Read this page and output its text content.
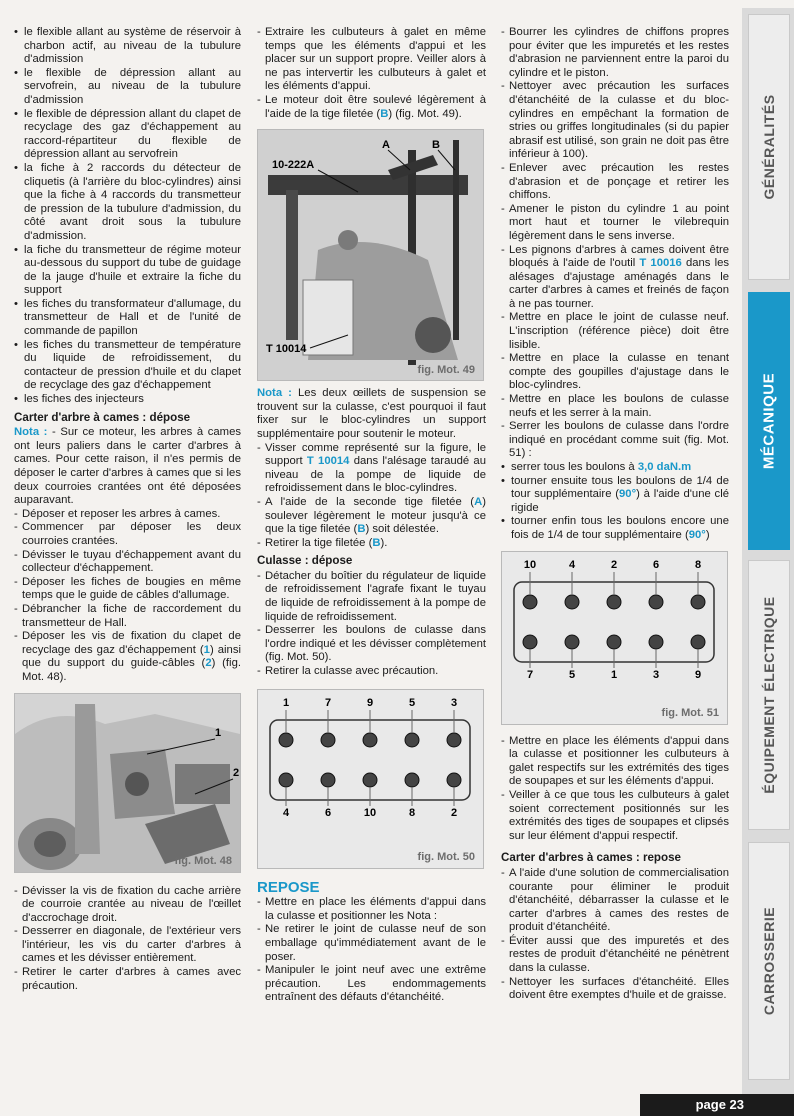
• le flexible allant au système de réservoir à charbon actif, au niveau de la tubulure d'admission
• le flexible de dépression allant au servofrein, au niveau de la tubulure d'admission
• le flexible de dépression allant du clapet de recyclage des gaz d'échappement au raccord-répartiteur du flexible de dépression allant au servofrein
• la fiche à 2 raccords du détecteur de cliquetis (à l'arrière du bloc-cylindres) ainsi que la fiche à 4 raccords du transmetteur de pression de la tubulure d'admission, du côté avant droit sous la tubulure d'admission.
• la fiche du transmetteur de régime moteur au-dessous du support du tube de guidage de la jauge d'huile et extraire la fiche du support
• les fiches du transformateur d'allumage, du transmetteur de Hall et de l'unité de commande de papillon
• les fiches du transmetteur de température du liquide de refroidissement, du contacteur de pression d'huile et du clapet de recyclage des gaz d'échappement
• les fiches des injecteurs
Carter d'arbre à cames : dépose

Nota : - Sur ce moteur, les arbres à cames ont leurs paliers dans le carter d'arbres à cames. Pour cette raison, il n'es permis de déposer le carter d'arbres à cames que si les deux courroies crantées ont été déposées auparavant.

- Déposer et reposer les arbres à cames.
- Commencer par déposer les deux courroies crantées.
- Dévisser le tuyau d'échappement avant du collecteur d'échappement.
- Déposer les fiches de bougies en même temps que le guide de câbles d'allumage.
- Débrancher la fiche de raccordement du transmetteur de Hall.
- Déposer les vis de fixation du clapet de recyclage des gaz d'échappement (1) ainsi que du support du guide-câbles (2) (fig. Mot. 48).
1
2
fig. Mot. 48
- Dévisser la vis de fixation du cache arrière de courroie crantée au niveau de l'œillet d'accrochage droit.
- Desserrer en diagonale, de l'extérieur vers l'intérieur, les vis du carter d'arbres à cames et les dévisser entièrement.
- Retirer le carter d'arbres à cames avec précaution.
- Extraire les culbuteurs à galet en même temps que les éléments d'appui et les placer sur un support propre. Veiller alors à ne pas intervertir les culbuteurs à galet et les éléments d'appui.
- Le moteur doit être soulevé légèrement à l'aide de la tige filetée (B) (fig. Mot. 49).
10-222A
A	B
T 10014
fig. Mot. 49

Nota : Les deux œillets de suspension se trouvent sur la culasse, c'est pourquoi il faut fixer sur le bloc-cylindres un support supplémentaire pour soutenir le moteur.

- Visser comme représenté sur la figure, le support T 10014 dans l'alésage taraudé au niveau de la pompe de liquide de refroidissement dans le bloc-cylindres.
- A l'aide de la seconde tige filetée (A) soulever légèrement le moteur jusqu'à ce que la tige filetée (B) soit délestée.
- Retirer la tige filetée (B).
Culasse : dépose
- Détacher du boîtier du régulateur de liquide de refroidissement l'agrafe fixant le tuyau de liquide de refroidissement à la pompe de liquide de refroidissement.
- Desserrer les boulons de culasse dans l'ordre indiqué et les dévisser complètement (fig. Mot. 50).
- Retirer la culasse avec précaution.
1	7	9	5	3
4	6	10	8	2
fig. Mot. 50
REPOSE
- Mettre en place les éléments d'appui dans la culasse et positionner les Nota :
- Ne retirer le joint de culasse neuf de son emballage qu'immédiatement avant de le poser.
- Manipuler le joint neuf avec une extrême précaution. Les endommagements entraînent des défauts d'étanchéité.
- Bourrer les cylindres de chiffons propres pour éviter que les impuretés et les restes d'abrasion ne parviennent entre la paroi du cylindre et le piston.
- Nettoyer avec précaution les surfaces d'étanchéité de la culasse et du bloc-cylindres en empêchant la formation de stries ou griffes longitudinales (si du papier abrasif est utilisé, son grain ne doit pas être inférieur à 100).
- Enlever avec précaution les restes d'abrasion et de ponçage et retirer les chiffons.
- Amener le piston du cylindre 1 au point mort haut et tourner le vilebrequin légèrement dans le sens inverse.
- Les pignons d'arbres à cames doivent être bloqués à l'aide de l'outil T 10016 dans les alésages d'ajustage aménagés dans le carter d'arbres à cames et freinés de façon à ne pas tourner.
- Mettre en place le joint de culasse neuf. L'inscription (référence pièce) doit être lisible.
- Mettre en place la culasse en tenant compte des goupilles d'ajustage dans le bloc-cylindres.
- Mettre en place les boulons de culasse neufs et les serrer à la main.
- Serrer les boulons de culasse dans l'ordre indiqué en procédant comme suit (fig. Mot. 51) :
• serrer tous les boulons à 3,0 daN.m
• tourner ensuite tous les boulons de 1/4 de tour supplémentaire (90°) à l'aide d'une clé rigide
• tourner enfin tous les boulons encore une fois de 1/4 de tour supplémentaire (90°)
10	4	2	6	8
7	5	1	3	9
fig. Mot. 51
- Mettre en place les éléments d'appui dans la culasse et positionner les culbuteurs à galet respectifs sur les extrémités des tiges de soupapes et sur les éléments d'appui.
- Veiller à ce que tous les culbuteurs à galet soient correctement positionnés sur les extrémités des tiges de soupapes et clipsés sur leur élément d'appui respectif.
Carter d'arbres à cames : repose
- A l'aide d'une solution de commercialisation courante pour éliminer le produit d'étanchéité, débarrasser la culasse et le carter d'arbres à cames des restes de produit d'étanchéité.
- Éviter aussi que des impuretés et des restes de produit d'étanchéité ne pénètrent dans la culasse.
- Nettoyer les surfaces d'étanchéité. Elles doivent être exemptes d'huile et de graisse.
GÉNÉRALITÉS
MÉCANIQUE
ÉQUIPEMENT ÉLECTRIQUE
CARROSSERIE
page 23
